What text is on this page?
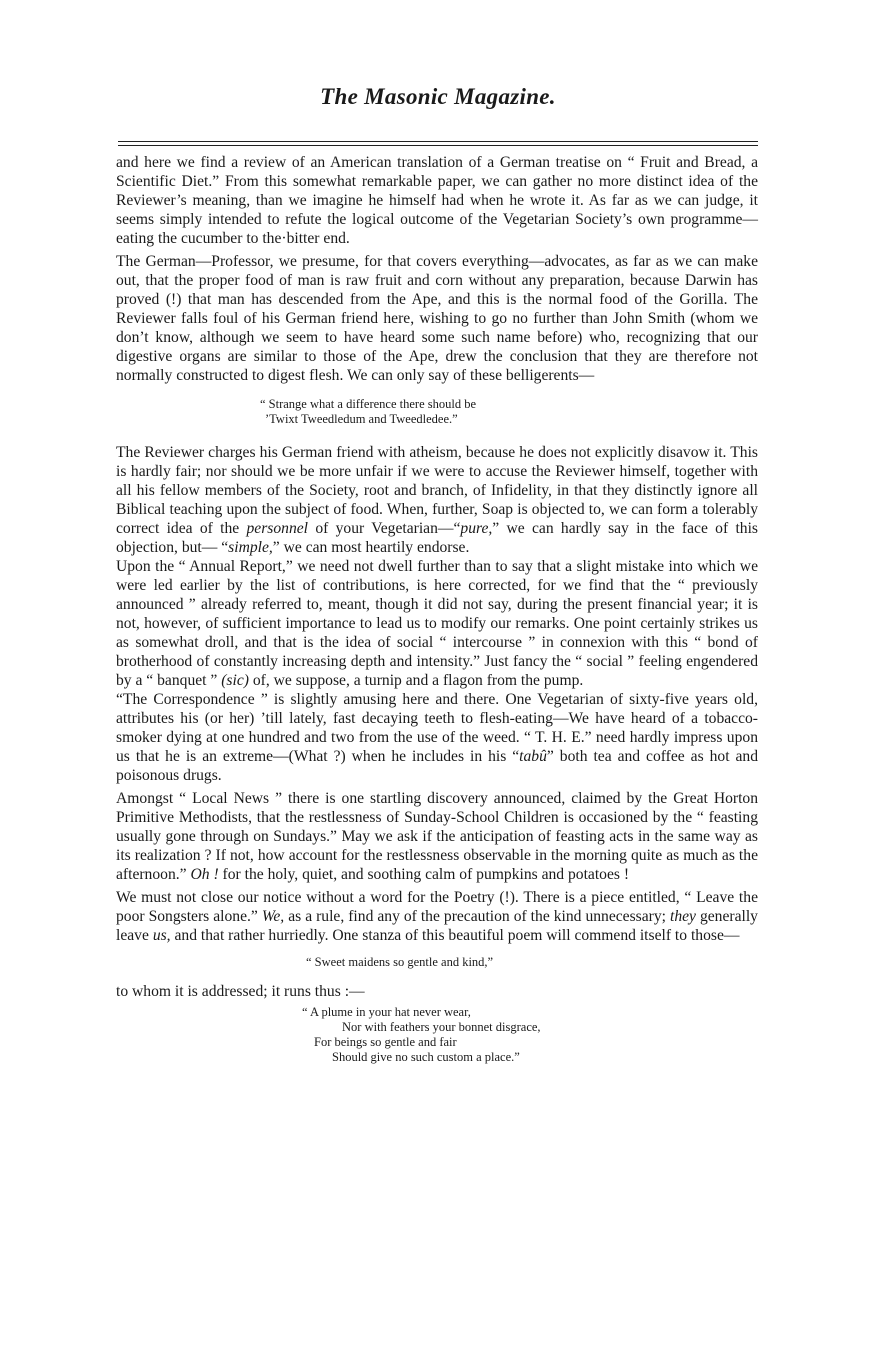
The Masonic Magazine.

and here we find a review of an American translation of a German treatise on “ Fruit and Bread, a Scientific Diet.” From this somewhat remarkable paper, we can gather no more distinct idea of the Reviewer’s meaning, than we imagine he himself had when he wrote it. As far as we can judge, it seems simply intended to refute the logical outcome of the Vegetarian Society’s own programme—eating the cucumber to the·bitter end.

The German—Professor, we presume, for that covers everything—advocates, as far as we can make out, that the proper food of man is raw fruit and corn without any preparation, because Darwin has proved (!) that man has descended from the Ape, and this is the normal food of the Gorilla. The Reviewer falls foul of his German friend here, wishing to go no further than John Smith (whom we don’t know, although we seem to have heard some such name before) who, recognizing that our digestive organs are similar to those of the Ape, drew the conclusion that they are therefore not normally constructed to digest flesh. We can only say of these belligerents—

“ Strange what a difference there should be
’Twixt Tweedledum and Tweedledee.”

The Reviewer charges his German friend with atheism, because he does not explicitly disavow it. This is hardly fair; nor should we be more unfair if we were to accuse the Reviewer himself, together with all his fellow members of the Society, root and branch, of Infidelity, in that they distinctly ignore all Biblical teaching upon the subject of food. When, further, Soap is objected to, we can form a tolerably correct idea of the personnel of your Vegetarian—“pure,” we can hardly say in the face of this objection, but— “simple,” we can most heartily endorse.

Upon the “ Annual Report,” we need not dwell further than to say that a slight mistake into which we were led earlier by the list of contributions, is here corrected, for we find that the “ previously announced ” already referred to, meant, though it did not say, during the present financial year; it is not, however, of sufficient importance to lead us to modify our remarks. One point certainly strikes us as somewhat droll, and that is the idea of social “ intercourse ” in connexion with this “ bond of brotherhood of constantly increasing depth and intensity.” Just fancy the “ social ” feeling engendered by a “ banquet ” (sic) of, we suppose, a turnip and a flagon from the pump.

“The Correspondence ” is slightly amusing here and there. One Vegetarian of sixty-five years old, attributes his (or her) ’till lately, fast decaying teeth to flesh-eating—We have heard of a tobacco-smoker dying at one hundred and two from the use of the weed. “ T. H. E.” need hardly impress upon us that he is an extreme—(What ?) when he includes in his “tabû” both tea and coffee as hot and poisonous drugs.

Amongst “ Local News ” there is one startling discovery announced, claimed by the Great Horton Primitive Methodists, that the restlessness of Sunday-School Children is occasioned by the “ feasting usually gone through on Sundays.” May we ask if the anticipation of feasting acts in the same way as its realization ? If not, how account for the restlessness observable in the morning quite as much as the afternoon.” Oh ! for the holy, quiet, and soothing calm of pumpkins and potatoes !

We must not close our notice without a word for the Poetry (!). There is a piece entitled, “ Leave the poor Songsters alone.” We, as a rule, find any of the precaution of the kind unnecessary; they generally leave us, and that rather hurriedly. One stanza of this beautiful poem will commend itself to those—

“ Sweet maidens so gentle and kind,”

to whom it is addressed; it runs thus :—

“ A plume in your hat never wear,
Nor with feathers your bonnet disgrace,
For beings so gentle and fair
Should give no such custom a place.”
